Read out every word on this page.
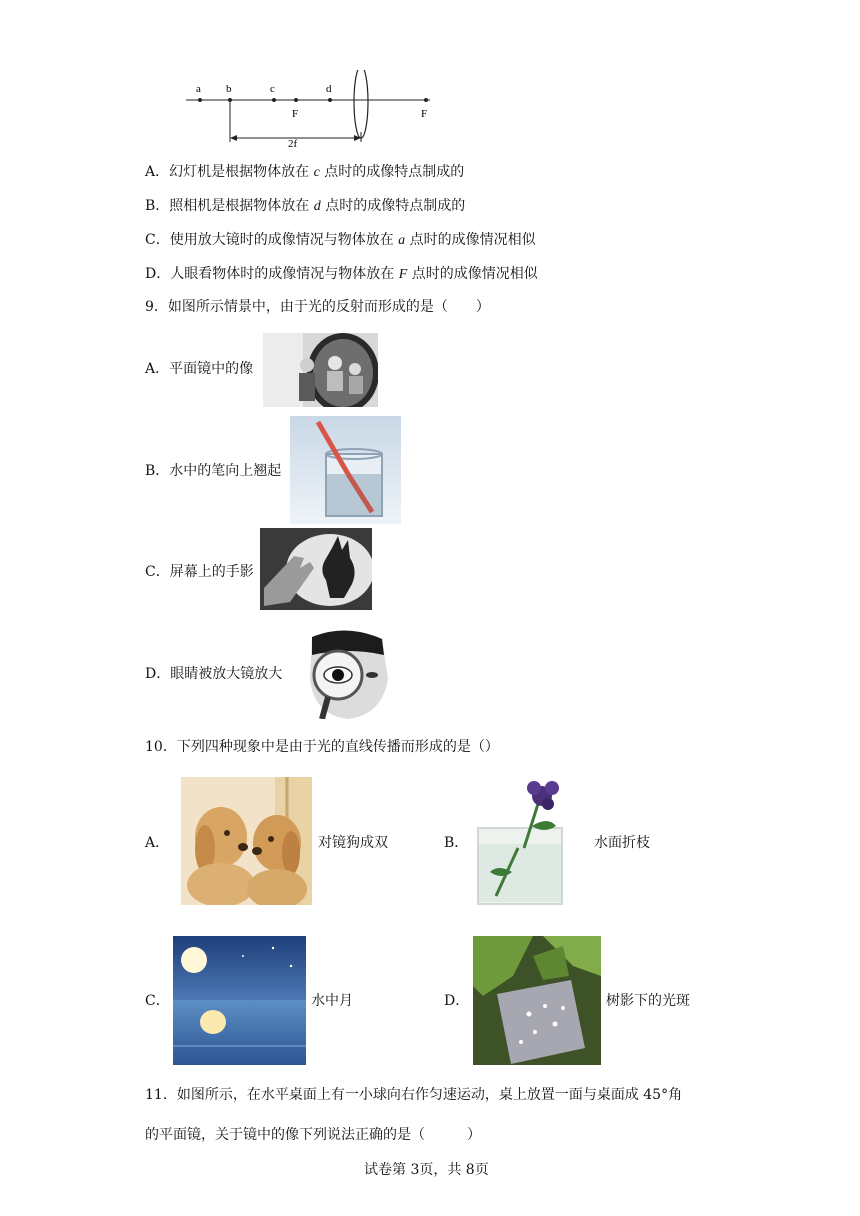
a b	c
F
d
F
2f
A．幻灯机是根据物体放在 c 点时的成像特点制成的
B．照相机是根据物体放在 d 点时的成像特点制成的
C．使用放大镜时的成像情况与物体放在 a 点时的成像情况相似
D．人眼看物体时的成像情况与物体放在 F 点时的成像情况相似
9．如图所示情景中，由于光的反射而形成的是（　　）
A．平面镜中的像
B．水中的笔向上翘起
C．屏幕上的手影
D．眼睛被放大镜放大
10．下列四种现象中是由于光的直线传播而形成的是（）
A．	对镜狗成双	B．	水面折枝
C．	水中月	D．	树影下的光斑
11．如图所示，在水平桌面上有一小球向右作匀速运动，桌上放置一面与桌面成 45°角
的平面镜，关于镜中的像下列说法正确的是（　　　）
试卷第 3页，共 8页
